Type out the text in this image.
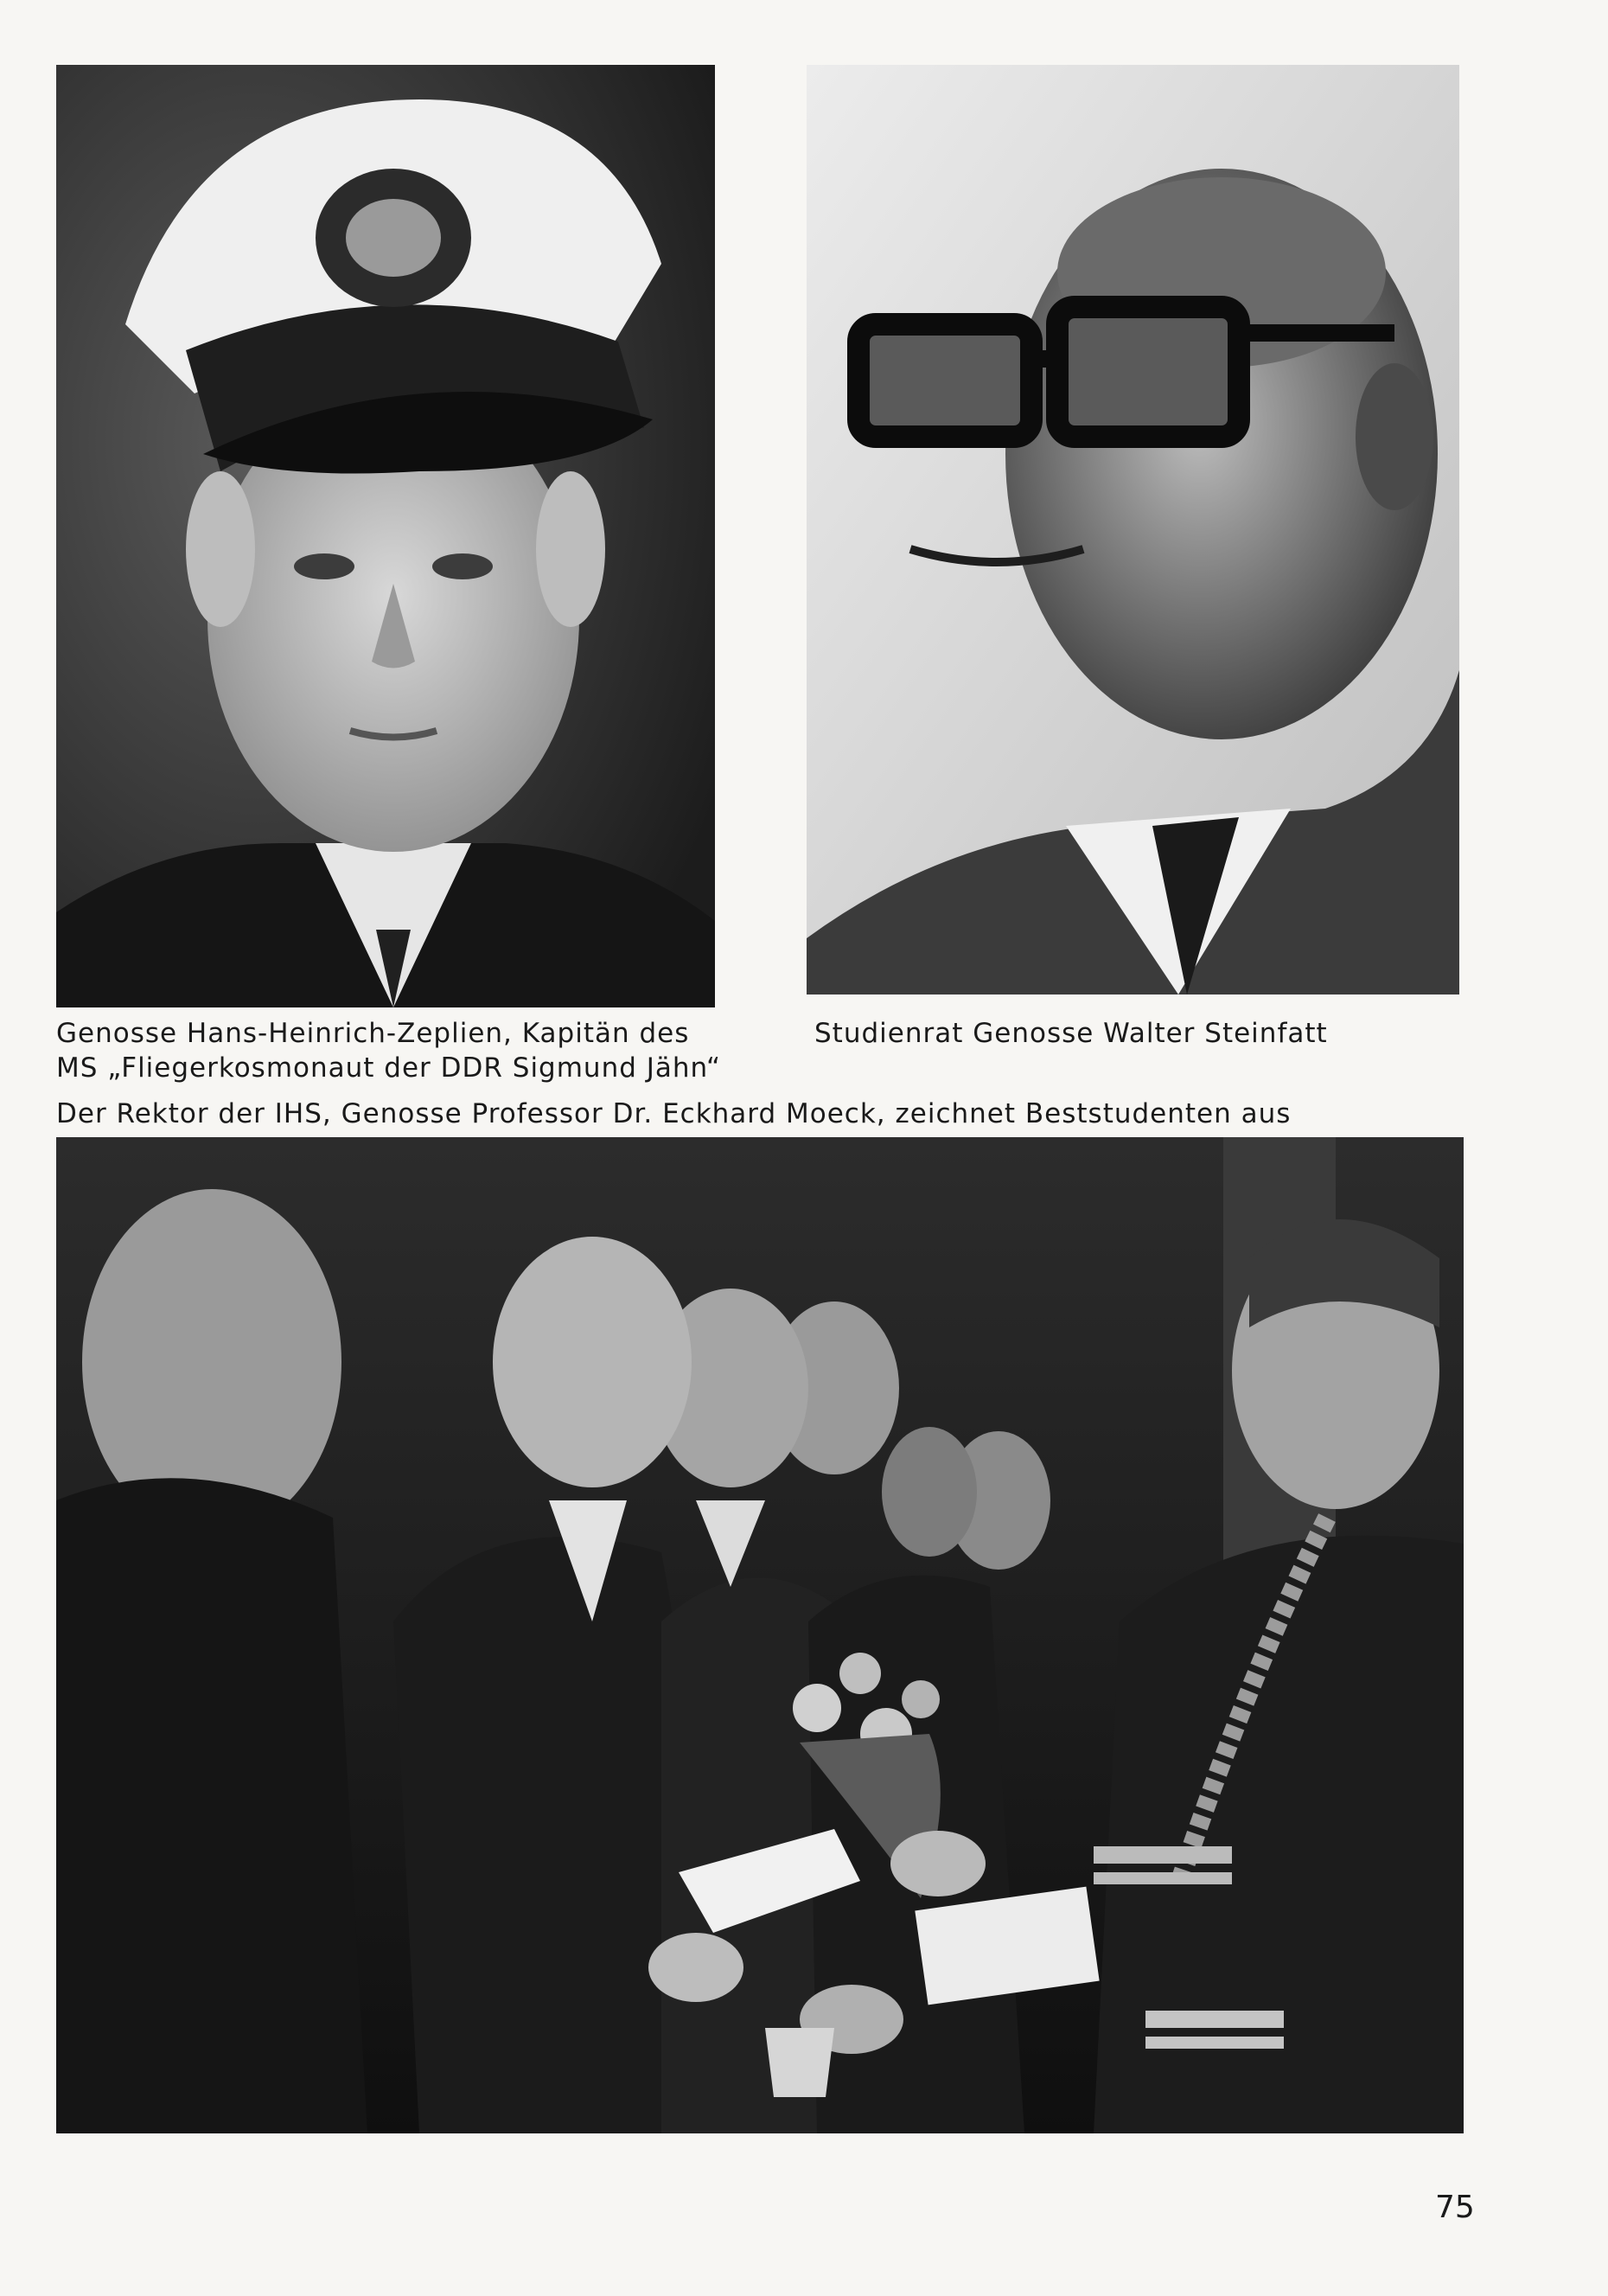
Genosse Hans-Heinrich-Zeplien, Kapitän des
MS „Fliegerkosmonaut der DDR Sigmund Jähn“
Studienrat Genosse Walter Steinfatt
Der Rektor der IHS, Genosse Professor Dr. Eckhard Moeck, zeichnet Beststudenten aus
75
